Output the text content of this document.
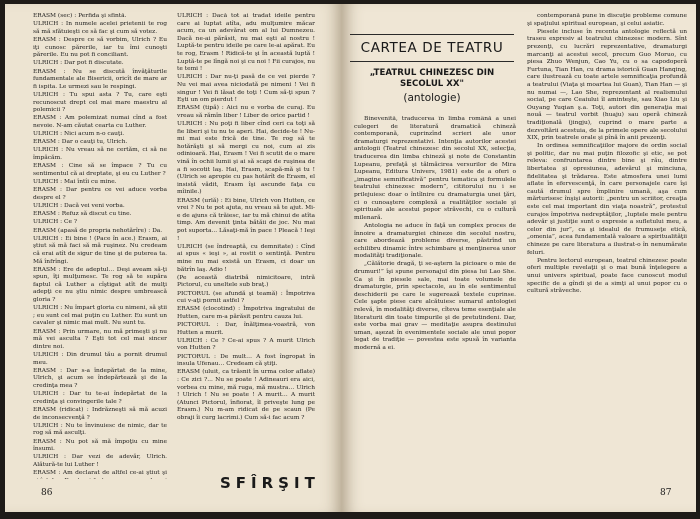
ERASM (sec) : Perfida şi sfîntă.

ULRICH : In numele acelei prietenii te rog să mă sfătuieşti ce să fac şi cum să votez.

ERASM : Despre ce să vorbim, Ulrich ? Eu iţi cunosc părerile, iar tu îmi cunoşti părerile. Eu nu pot fi conciliant.

ULRICH : Dar pot fi discutate.

ERASM : Nu se discută învăţăturile fundamentale ale Bisericii, oricît de mare ar fi ispita. Le urmezi sau le respingi.

ULRICH : Tu spui asta ? Tu, care eşti recunoscut drept cel mai mare maestru al polemicii ?

ERASM : Am polemizat numai cînd a fost nevoie. N-am căutat cearta cu Luther.

ULRICH : Nici acum n-o cauţi.

ERASM : Dar o cauţi tu, Ulrich.

ULRICH : Nu vreau să ne certăm, ci să ne împăcăm.

ERASM : Cine să se împace ? Tu cu sentimentul că ai dreptate, şi eu cu Luther ?

ULRICH : Mai întîi cu mine.

ERASM : Dar pentru ce vei aduce vorba despre el ?

ULRICH : Dacă vei veni vorba.

ERASM : Refuz să discut cu tine.

ULRICH : Ce ?

ERASM (apasă de propria nehotărîre) : Da.

ULRICH : Ei bine ! (Pace în ace.) Erasm, ai ştiut să mă faci să mă ruşinez. Nu credeam că erai atît de sigur de tine şi de puterea ta. Mă înfrîngi.

ERASM : Ere de adeptul… Deşi aveam să-ţi spun, îţi mulţumesc. Te rog să te supăra faptul că Luther a cîştigat atît de mulţi adepţi ce nu ştiu nimic despre umbrească gloria ?

ULRICH : Nu împart gloria cu nimeni, să ştii ; eu sunt cel mai puţin cu Luther. Eu sunt un cavaler şi nimic mai mult. Nu sunt tu.

ERASM : Prin urmare, nu mă primeşti şi nu mă vei asculta ? Eşti tot cel mai sincer dintre noi.

ULRICH : Din drumul tău a pornit drumul meu.

ERASM : Dar s-a îndepărtat de la mine, Ulrich, şi acum se îndepărtează şi de la credinţa mea ?

ULRICH : Dar tu te-ai îndepărtat de la credinţa şi convingerile tale ?

ERASM (ridicat) : Indrăzneşti să mă acuzi de inconsecvenţă ?

ULRICH : Nu te învinuiesc de nimic, dar te rog să mă asculţi.

ERASM : Nu pot să mă împoţiu cu mine însumi.

ULRICH : Dar vezi de adevăr, Ulrich. Alătură-te lui Luther !

ERASM : Am declarat de altfel ce-ai ştiut şi

ULRICH : Dacă tot ai tradat ideile pentru care ai luptat atîta, adu mulţumire măcar acum, ca un adevărat om al lui Dumnezeu. Dacă ne-ai părăsit, nu mai eşti al nostru ! Luptă-te pentru ideile pe care le-ai apărat. Eu te rog, Erasm ! Ridică-te şi în această luptă ! Luptă-te pe lîngă noi şi cu noi ! Fii curajos, nu te temi !

ULRICH : Dar nu-ţi pasă de ce vei pierde ? Nu vei mai avea niciodată pe nimeni ! Vei fi singur ! Vei fi lăsat de toţi ! Cum să-ţi spun ? Eşti un om pierdut !

ERASM (tipă) : Aici nu e vorba de curaj. Eu vreau să rămîn liber ! Liber de orice partid !

ULRICH : Nu poţi fi liber cînd ceri ca toţi să fie liberi şi tu nu te aperi. Hai, decide-te ! Nu-mi mai este frică de tine. Te rog să te hotărăşti şi să mergi cu noi, cum ai zis odinioară. Hai, Erasm ! Vei fi scutit de o mare vină în ochii lumii şi ai să scapi de ruşinea de a fi socotit laş. Hai, Erasm, scapă-mă şi tu ! (Ulrich se apropie cu pas hotărît de Erasm, el insistă vădit, Erasm îşi ascunde faţa cu mîinile.)

ERASM (urlă) : Ei bine, Ulrich von Hutten, ce vrei ? Nu te pot ajuta, nu vreau să te ajut. Mi-e de ajuns că trăiesc, iar tu mă chinui de atîta timp. Am devenit ţinta bătăii de joc. Nu mai pot suporta... Lăsaţi-mă în pace ! Pleacă ! Ieşi !

ULRICH (se îndreaptă, cu demnitate) : Cînd ai spus « ieşi », ai rostit o sentinţă. Pentru mine nu mai există un Erasm, ci doar un bătrîn laş. Adio !

(Pe această diatribă nimicitoare, intră Pictorul, cu uneltele sub braţ.)

PICTORUL (se afundă şi teamă) : Împotriva cui v-aţi pornit astfel ?

ERASM (clocotind) : Împotriva ingratului de Hutten, care m-a părăsit pentru cauza lui.

PICTORUL : Dar, înălţimea-voastră, von Hutten a murit.

ULRICH : Ce ? Ce-ai spus ? A murit Ulrich von Hutten ?

PICTORUL : De mult… A fost îngropat în insula Ufenau… Credeam că ştiţi.

ERASM (uluit, ca trăsnit în urma celor aflate) : Ce zici ?... Nu se poate ! Adineauri era aici, vorbea cu mine, mă ruga, mă mustra… Ulrich ! Ulrich ! Nu se poate ! A murit… A murit (Atunci Pictorul, înfiorat, îl priveşte lung pe Erasm.) Nu m-am ridicat de pe scaun (Pe obraji îi curg lacrimi.) Cum să-i fac acum ?

SFÎRŞIT
86
CARTEA DE TEATRU
„TEATRUL CHINEZESC DIN SECOLUL XX"
(antologie)

Binevenită, traducerea în limba română a unei culegeri de literatură dramatică chineză contemporană, cuprinzînd scrieri ale unor dramaturgi reprezentativi. Intenţia autorilor acestei antologii (Teatrul chinezesc din secolul XX, selecţia, traducerea din limba chineză şi note de Constantin Lupeanu, prefaţă şi tălmăcirea versurilor de Mira Lupeanu, Editura Univers, 1981) este de a oferi o „imagine semnificativă” pentru tematica şi formulele teatrului chinezesc modern”, cititorului nu i se prilejuiesc doar o întîlnire cu dramaturgia unei ţări, ci o cunoaştere complexă a realităţilor sociale şi spirituale ale acestui popor străvechi, cu o cultură milenară.

Antologia ne aduce în faţă un complex proces de înnoire a dramaturgiei chineze din secolul nostru, care abordează probleme diverse, păstrînd un echilibru dinamic între schimbare şi menţinerea unor modalităţi tradiţionale.

„Călătorie dragă, ţi se-aştern la picioare o mie de drumuri!” îşi spune personajul din piesa lui Lao She. Ca şi în piesele sale, mai toate volumele de dramaturgie, prin spectacole, au în ele sentimentul deschiderii pe care le sugerează textele cuprinse. Cele şapte piese care alcătuiesc sumarul antologiei relevă, în modalităţi diverse, cîteva teme esenţiale ale literaturii din toate timpurile şi de pretutindeni. Dar, este vorba mai grav — meditaţie asupra destinului uman, aşezat în evenimentele sociale ale unui popor legat de tradiţie — povestea este spusă în varianta modernă a ei.

contemporană pune în discuţie probleme comune şi spaţiului spiritual european, şi celui asiatic.

Piesele incluse în recenta antologie reflectă un traseu expresiv al teatrului chinezesc modern. Sînt prezenţi, cu lucrări reprezentative, dramaturgi marcanţi ai acestui secol, precum Guo Moruo, cu piesa Zhuo Wenjun, Cao Yu, cu o sa capodoperă Furtuna, Tian Han, cu drama istorică Guan Hanqing, care ilustrează cu toate artele semnificaţia profundă a teatrului (Viaţa şi moartea lui Guan), Tian Han — şi nu numai —, Lao She, reprezentant al realismului social, pe care Ceaiului îl aminteşte, sau Xiao Liu şi Ouyang Yuqian ş.a. Toţi, autori din generaţia mai nouă — teatrul vorbit (huaju) sau operă chineză tradiţională (jingju), cuprind o mare parte a dezvoltării acestuia, de la primele opere ale secolului XIX, prin teatrele orale şi pînă în anii prezenţi.

In ordinea semnificaţiilor majore de ordin social şi politic, dar nu mai puţin filozofic şi etic, se pot releva: confruntarea dintre bine şi rău, dintre libertatea şi opresiunea, adevărul şi minciuna, fidelitatea şi trădarea. Este atmosfera unei lumi aflate în efervescenţă, în care personajele care îşi caută drumul spre împlinire umană, aşa cum mărturisesc înşişi autorii: „pentru un scriitor, creaţia este cel mai important din viaţa noastră”, protestul curajos împotriva nedreptăţilor, „luptele mele pentru adevăr şi justiţie sunt o expresie a sufletului meu, a celor din jur”, ca şi idealul de frumuseţe etică, „omenia”, acea fundamentală valoare a spiritualităţii chineze pe care literatura a ilustrat-o în nenumărate feluri.

Pentru lectorul european, teatrul chinezesc poate oferi multiple revelaţii şi o mai bună înţelegere a unui univers spiritual, poate face cunoscut modul specific de a gîndi şi de a simţi al unui popor cu o cultură străveche.

87
